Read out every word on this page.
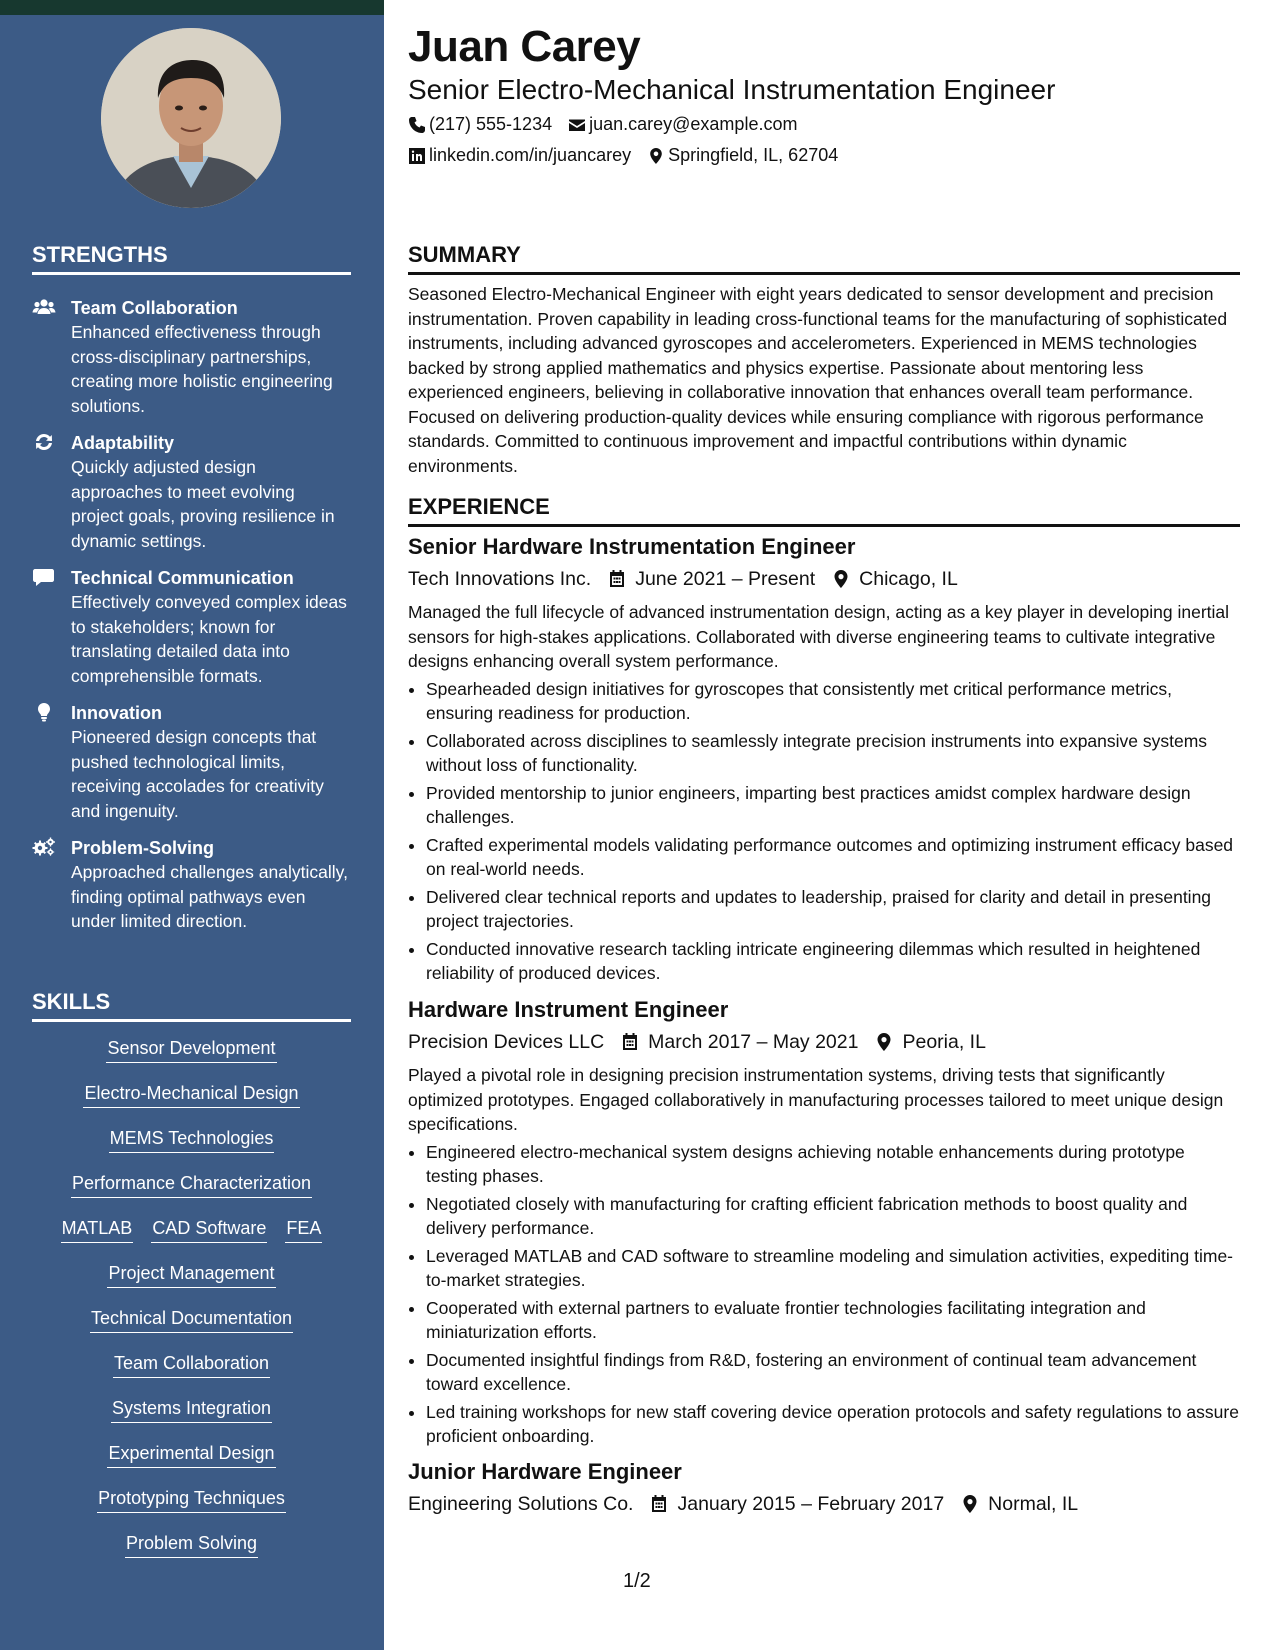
STRENGTHS
Team Collaboration
Enhanced effectiveness through cross-disciplinary partnerships, creating more holistic engineering solutions.
Adaptability
Quickly adjusted design approaches to meet evolving project goals, proving resilience in dynamic settings.
Technical Communication
Effectively conveyed complex ideas to stakeholders; known for translating detailed data into comprehensible formats.
Innovation
Pioneered design concepts that pushed technological limits, receiving accolades for creativity and ingenuity.
Problem-Solving
Approached challenges analytically, finding optimal pathways even under limited direction.
SKILLS
Sensor Development
Electro-Mechanical Design
MEMS Technologies
Performance Characterization
MATLAB CAD Software FEA
Project Management
Technical Documentation
Team Collaboration
Systems Integration
Experimental Design
Prototyping Techniques
Problem Solving
Juan Carey
Senior Electro-Mechanical Instrumentation Engineer
(217) 555-1234 juan.carey@example.com
linkedin.com/in/juancarey Springfield, IL, 62704
SUMMARY
Seasoned Electro-Mechanical Engineer with eight years dedicated to sensor development and precision instrumentation. Proven capability in leading cross-functional teams for the manufacturing of sophisticated instruments, including advanced gyroscopes and accelerometers. Experienced in MEMS technologies backed by strong applied mathematics and physics expertise. Passionate about mentoring less experienced engineers, believing in collaborative innovation that enhances overall team performance. Focused on delivering production-quality devices while ensuring compliance with rigorous performance standards. Committed to continuous improvement and impactful contributions within dynamic environments.
EXPERIENCE
Senior Hardware Instrumentation Engineer
Tech Innovations Inc. June 2021 – Present Chicago, IL
Managed the full lifecycle of advanced instrumentation design, acting as a key player in developing inertial sensors for high-stakes applications. Collaborated with diverse engineering teams to cultivate integrative designs enhancing overall system performance.
• Spearheaded design initiatives for gyroscopes that consistently met critical performance metrics, ensuring readiness for production.
• Collaborated across disciplines to seamlessly integrate precision instruments into expansive systems without loss of functionality.
• Provided mentorship to junior engineers, imparting best practices amidst complex hardware design challenges.
• Crafted experimental models validating performance outcomes and optimizing instrument efficacy based on real-world needs.
• Delivered clear technical reports and updates to leadership, praised for clarity and detail in presenting project trajectories.
• Conducted innovative research tackling intricate engineering dilemmas which resulted in heightened reliability of produced devices.
Hardware Instrument Engineer
Precision Devices LLC March 2017 – May 2021 Peoria, IL
Played a pivotal role in designing precision instrumentation systems, driving tests that significantly optimized prototypes. Engaged collaboratively in manufacturing processes tailored to meet unique design specifications.
• Engineered electro-mechanical system designs achieving notable enhancements during prototype testing phases.
• Negotiated closely with manufacturing for crafting efficient fabrication methods to boost quality and delivery performance.
• Leveraged MATLAB and CAD software to streamline modeling and simulation activities, expediting time-to-market strategies.
• Cooperated with external partners to evaluate frontier technologies facilitating integration and miniaturization efforts.
• Documented insightful findings from R&D, fostering an environment of continual team advancement toward excellence.
• Led training workshops for new staff covering device operation protocols and safety regulations to assure proficient onboarding.
Junior Hardware Engineer
Engineering Solutions Co. January 2015 – February 2017 Normal, IL
1/2
